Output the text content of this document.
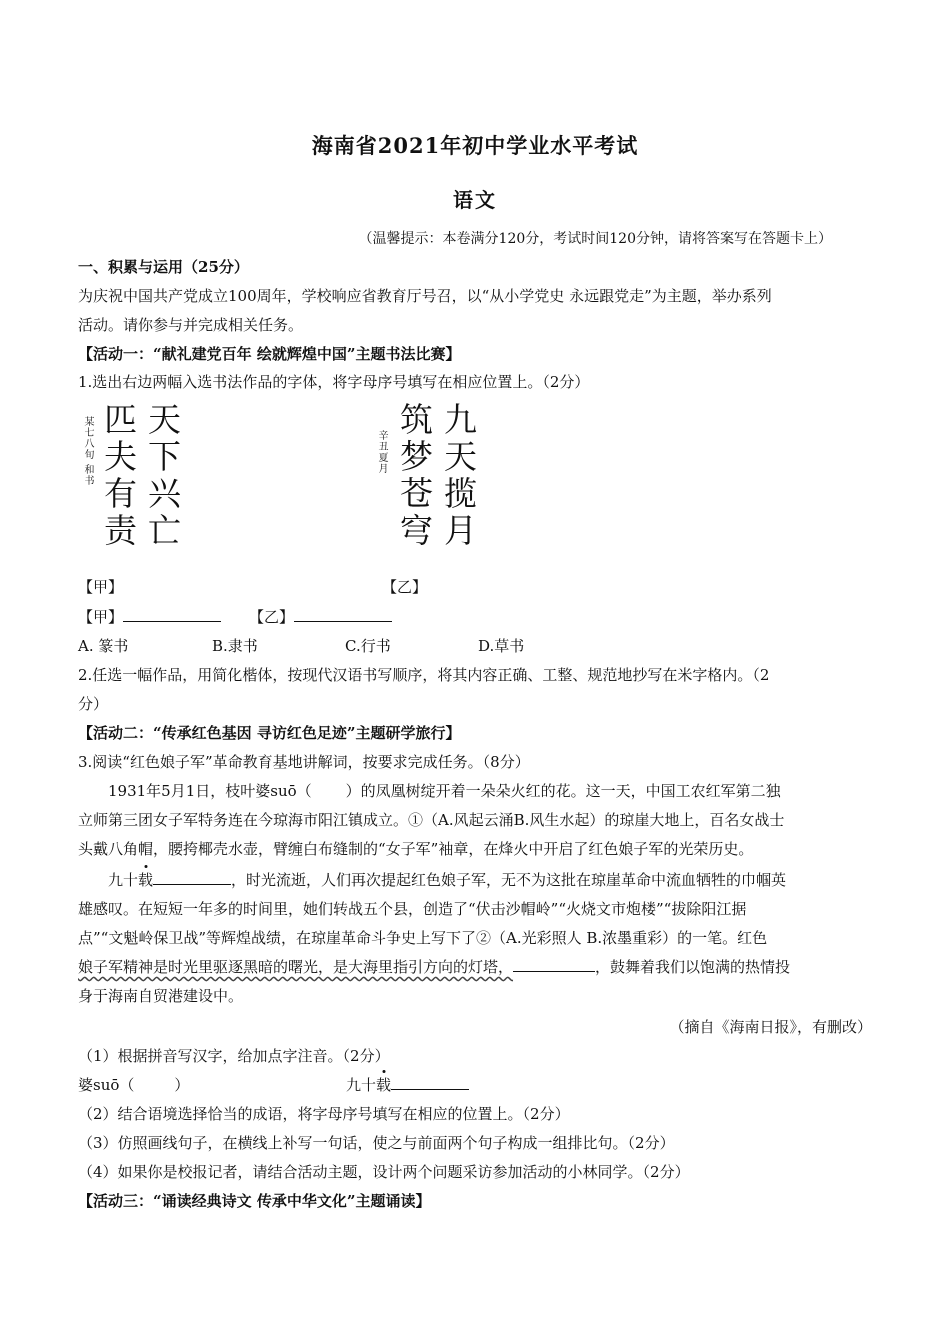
海南省2021年初中学业水平考试
语文
（温馨提示：本卷满分120分，考试时间120分钟，请将答案写在答题卡上）
一、积累与运用（25分）
为庆祝中国共产党成立100周年，学校响应省教育厅号召，以“从小学党史 永远跟党走”为主题，举办系列
活动。请你参与并完成相关任务。
【活动一：“献礼建党百年 绘就辉煌中国”主题书法比赛】
1.选出右边两幅入选书法作品的字体，将字母序号填写在相应位置上。（2分）
天下兴亡
匹夫有责
某七八旬 和书	九天揽月
筑梦苍穹
辛丑夏月
【甲】	【乙】
【甲】	【乙】
A. 篆书	B.隶书	C.行书	D.草书
2.任选一幅作品，用简化楷体，按现代汉语书写顺序，将其内容正确、工整、规范地抄写在米字格内。（2
分）
【活动二：“传承红色基因 寻访红色足迹”主题研学旅行】
3.阅读“红色娘子军”革命教育基地讲解词，按要求完成任务。（8分）
1931年5月1日，枝叶婆suō（ ）的凤凰树绽开着一朵朵火红的花。这一天，中国工农红军第二独
立师第三团女子军特务连在今琼海市阳江镇成立。①（A.风起云涌B.风生水起）的琼崖大地上，百名女战士
头戴八角帽，腰挎椰壳水壶，臂缠白布缝制的“女子军”袖章，在烽火中开启了红色娘子军的光荣历史。
九十载	，时光流逝，人们再次提起红色娘子军，无不为这批在琼崖革命中流血牺牲的巾帼英
雄感叹。在短短一年多的时间里，她们转战五个县，创造了“伏击沙帽岭”“火烧文市炮楼”“拔除阳江据
点”“文魁岭保卫战”等辉煌战绩，在琼崖革命斗争史上写下了②（A.光彩照人 B.浓墨重彩）的一笔。红色
娘子军精神是时光里驱逐黑暗的曙光，是大海里指引方向的灯塔，	，鼓舞着我们以饱满的热情投
身于海南自贸港建设中。
（摘自《海南日报》，有删改）
（1）根据拼音写汉字，给加点字注音。（2分）
婆suō（	）	九十载
（2）结合语境选择恰当的成语，将字母序号填写在相应的位置上。（2分）
（3）仿照画线句子，在横线上补写一句话，使之与前面两个句子构成一组排比句。（2分）
（4）如果你是校报记者，请结合活动主题，设计两个问题采访参加活动的小林同学。（2分）
【活动三：“诵读经典诗文 传承中华文化”主题诵读】
